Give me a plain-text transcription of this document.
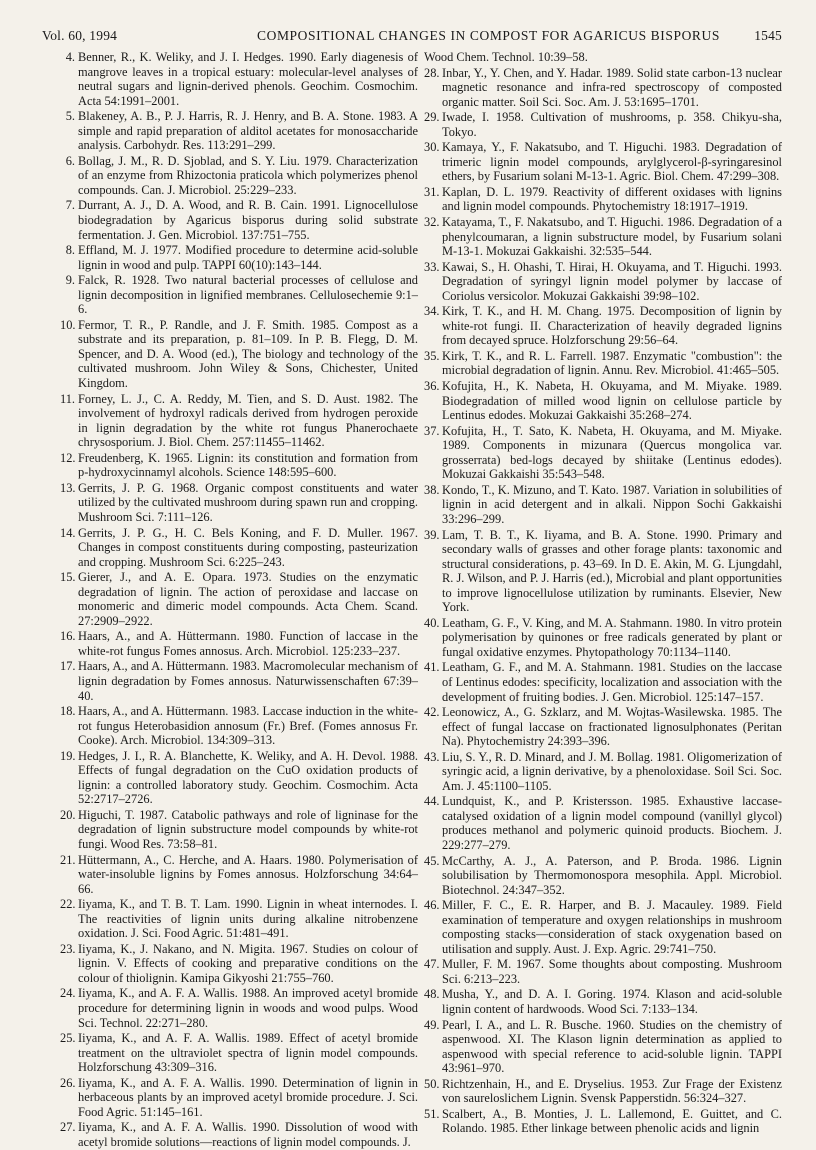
Vol. 60, 1994	COMPOSITIONAL CHANGES IN COMPOST FOR AGARICUS BISPORUS	1545
4. Benner, R., K. Weliky, and J. I. Hedges. 1990. Early diagenesis of mangrove leaves in a tropical estuary: molecular-level analyses of neutral sugars and lignin-derived phenols. Geochim. Cosmochim. Acta 54:1991–2001.
5. Blakeney, A. B., P. J. Harris, R. J. Henry, and B. A. Stone. 1983. A simple and rapid preparation of alditol acetates for monosaccharide analysis. Carbohydr. Res. 113:291–299.
6. Bollag, J. M., R. D. Sjoblad, and S. Y. Liu. 1979. Characterization of an enzyme from Rhizoctonia praticola which polymerizes phenol compounds. Can. J. Microbiol. 25:229–233.
7. Durrant, A. J., D. A. Wood, and R. B. Cain. 1991. Lignocellulose biodegradation by Agaricus bisporus during solid substrate fermentation. J. Gen. Microbiol. 137:751–755.
8. Effland, M. J. 1977. Modified procedure to determine acid-soluble lignin in wood and pulp. TAPPI 60(10):143–144.
9. Falck, R. 1928. Two natural bacterial processes of cellulose and lignin decomposition in lignified membranes. Cellulosechemie 9:1–6.
10. Fermor, T. R., P. Randle, and J. F. Smith. 1985. Compost as a substrate and its preparation, p. 81–109. In P. B. Flegg, D. M. Spencer, and D. A. Wood (ed.), The biology and technology of the cultivated mushroom. John Wiley & Sons, Chichester, United Kingdom.
11. Forney, L. J., C. A. Reddy, M. Tien, and S. D. Aust. 1982. The involvement of hydroxyl radicals derived from hydrogen peroxide in lignin degradation by the white rot fungus Phanerochaete chrysosporium. J. Biol. Chem. 257:11455–11462.
12. Freudenberg, K. 1965. Lignin: its constitution and formation from p-hydroxycinnamyl alcohols. Science 148:595–600.
13. Gerrits, J. P. G. 1968. Organic compost constituents and water utilized by the cultivated mushroom during spawn run and cropping. Mushroom Sci. 7:111–126.
14. Gerrits, J. P. G., H. C. Bels Koning, and F. D. Muller. 1967. Changes in compost constituents during composting, pasteurization and cropping. Mushroom Sci. 6:225–243.
15. Gierer, J., and A. E. Opara. 1973. Studies on the enzymatic degradation of lignin. The action of peroxidase and laccase on monomeric and dimeric model compounds. Acta Chem. Scand. 27:2909–2922.
16. Haars, A., and A. Hüttermann. 1980. Function of laccase in the white-rot fungus Fomes annosus. Arch. Microbiol. 125:233–237.
17. Haars, A., and A. Hüttermann. 1983. Macromolecular mechanism of lignin degradation by Fomes annosus. Naturwissenschaften 67:39–40.
18. Haars, A., and A. Hüttermann. 1983. Laccase induction in the white-rot fungus Heterobasidion annosum (Fr.) Bref. (Fomes annosus Fr. Cooke). Arch. Microbiol. 134:309–313.
19. Hedges, J. I., R. A. Blanchette, K. Weliky, and A. H. Devol. 1988. Effects of fungal degradation on the CuO oxidation products of lignin: a controlled laboratory study. Geochim. Cosmochim. Acta 52:2717–2726.
20. Higuchi, T. 1987. Catabolic pathways and role of ligninase for the degradation of lignin substructure model compounds by white-rot fungi. Wood Res. 73:58–81.
21. Hüttermann, A., C. Herche, and A. Haars. 1980. Polymerisation of water-insoluble lignins by Fomes annosus. Holzforschung 34:64–66.
22. Iiyama, K., and T. B. T. Lam. 1990. Lignin in wheat internodes. I. The reactivities of lignin units during alkaline nitrobenzene oxidation. J. Sci. Food Agric. 51:481–491.
23. Iiyama, K., J. Nakano, and N. Migita. 1967. Studies on colour of lignin. V. Effects of cooking and preparative conditions on the colour of thiolignin. Kamipa Gikyoshi 21:755–760.
24. Iiyama, K., and A. F. A. Wallis. 1988. An improved acetyl bromide procedure for determining lignin in woods and wood pulps. Wood Sci. Technol. 22:271–280.
25. Iiyama, K., and A. F. A. Wallis. 1989. Effect of acetyl bromide treatment on the ultraviolet spectra of lignin model compounds. Holzforschung 43:309–316.
26. Iiyama, K., and A. F. A. Wallis. 1990. Determination of lignin in herbaceous plants by an improved acetyl bromide procedure. J. Sci. Food Agric. 51:145–161.
27. Iiyama, K., and A. F. A. Wallis. 1990. Dissolution of wood with acetyl bromide solutions—reactions of lignin model compounds. J.
Wood Chem. Technol. 10:39–58.
28. Inbar, Y., Y. Chen, and Y. Hadar. 1989. Solid state carbon-13 nuclear magnetic resonance and infra-red spectroscopy of composted organic matter. Soil Sci. Soc. Am. J. 53:1695–1701.
29. Iwade, I. 1958. Cultivation of mushrooms, p. 358. Chikyu-sha, Tokyo.
30. Kamaya, Y., F. Nakatsubo, and T. Higuchi. 1983. Degradation of trimeric lignin model compounds, arylglycerol-β-syringaresinol ethers, by Fusarium solani M-13-1. Agric. Biol. Chem. 47:299–308.
31. Kaplan, D. L. 1979. Reactivity of different oxidases with lignins and lignin model compounds. Phytochemistry 18:1917–1919.
32. Katayama, T., F. Nakatsubo, and T. Higuchi. 1986. Degradation of a phenylcoumaran, a lignin substructure model, by Fusarium solani M-13-1. Mokuzai Gakkaishi. 32:535–544.
33. Kawai, S., H. Ohashi, T. Hirai, H. Okuyama, and T. Higuchi. 1993. Degradation of syringyl lignin model polymer by laccase of Coriolus versicolor. Mokuzai Gakkaishi 39:98–102.
34. Kirk, T. K., and H. M. Chang. 1975. Decomposition of lignin by white-rot fungi. II. Characterization of heavily degraded lignins from decayed spruce. Holzforschung 29:56–64.
35. Kirk, T. K., and R. L. Farrell. 1987. Enzymatic "combustion": the microbial degradation of lignin. Annu. Rev. Microbiol. 41:465–505.
36. Kofujita, H., K. Nabeta, H. Okuyama, and M. Miyake. 1989. Biodegradation of milled wood lignin on cellulose particle by Lentinus edodes. Mokuzai Gakkaishi 35:268–274.
37. Kofujita, H., T. Sato, K. Nabeta, H. Okuyama, and M. Miyake. 1989. Components in mizunara (Quercus mongolica var. grosserrata) bed-logs decayed by shiitake (Lentinus edodes). Mokuzai Gakkaishi 35:543–548.
38. Kondo, T., K. Mizuno, and T. Kato. 1987. Variation in solubilities of lignin in acid detergent and in alkali. Nippon Sochi Gakkaishi 33:296–299.
39. Lam, T. B. T., K. Iiyama, and B. A. Stone. 1990. Primary and secondary walls of grasses and other forage plants: taxonomic and structural considerations, p. 43–69. In D. E. Akin, M. G. Ljungdahl, R. J. Wilson, and P. J. Harris (ed.), Microbial and plant opportunities to improve lignocellulose utilization by ruminants. Elsevier, New York.
40. Leatham, G. F., V. King, and M. A. Stahmann. 1980. In vitro protein polymerisation by quinones or free radicals generated by plant or fungal oxidative enzymes. Phytopathology 70:1134–1140.
41. Leatham, G. F., and M. A. Stahmann. 1981. Studies on the laccase of Lentinus edodes: specificity, localization and association with the development of fruiting bodies. J. Gen. Microbiol. 125:147–157.
42. Leonowicz, A., G. Szklarz, and M. Wojtas-Wasilewska. 1985. The effect of fungal laccase on fractionated lignosulphonates (Peritan Na). Phytochemistry 24:393–396.
43. Liu, S. Y., R. D. Minard, and J. M. Bollag. 1981. Oligomerization of syringic acid, a lignin derivative, by a phenoloxidase. Soil Sci. Soc. Am. J. 45:1100–1105.
44. Lundquist, K., and P. Kristersson. 1985. Exhaustive laccase-catalysed oxidation of a lignin model compound (vanillyl glycol) produces methanol and polymeric quinoid products. Biochem. J. 229:277–279.
45. McCarthy, A. J., A. Paterson, and P. Broda. 1986. Lignin solubilisation by Thermomonospora mesophila. Appl. Microbiol. Biotechnol. 24:347–352.
46. Miller, F. C., E. R. Harper, and B. J. Macauley. 1989. Field examination of temperature and oxygen relationships in mushroom composting stacks—consideration of stack oxygenation based on utilisation and supply. Aust. J. Exp. Agric. 29:741–750.
47. Muller, F. M. 1967. Some thoughts about composting. Mushroom Sci. 6:213–223.
48. Musha, Y., and D. A. I. Goring. 1974. Klason and acid-soluble lignin content of hardwoods. Wood Sci. 7:133–134.
49. Pearl, I. A., and L. R. Busche. 1960. Studies on the chemistry of aspenwood. XI. The Klason lignin determination as applied to aspenwood with special reference to acid-soluble lignin. TAPPI 43:961–970.
50. Richtzenhain, H., and E. Dryselius. 1953. Zur Frage der Existenz von saureloslichem Lignin. Svensk Papperstidn. 56:324–327.
51. Scalbert, A., B. Monties, J. L. Lallemond, E. Guittet, and C. Rolando. 1985. Ether linkage between phenolic acids and lignin
